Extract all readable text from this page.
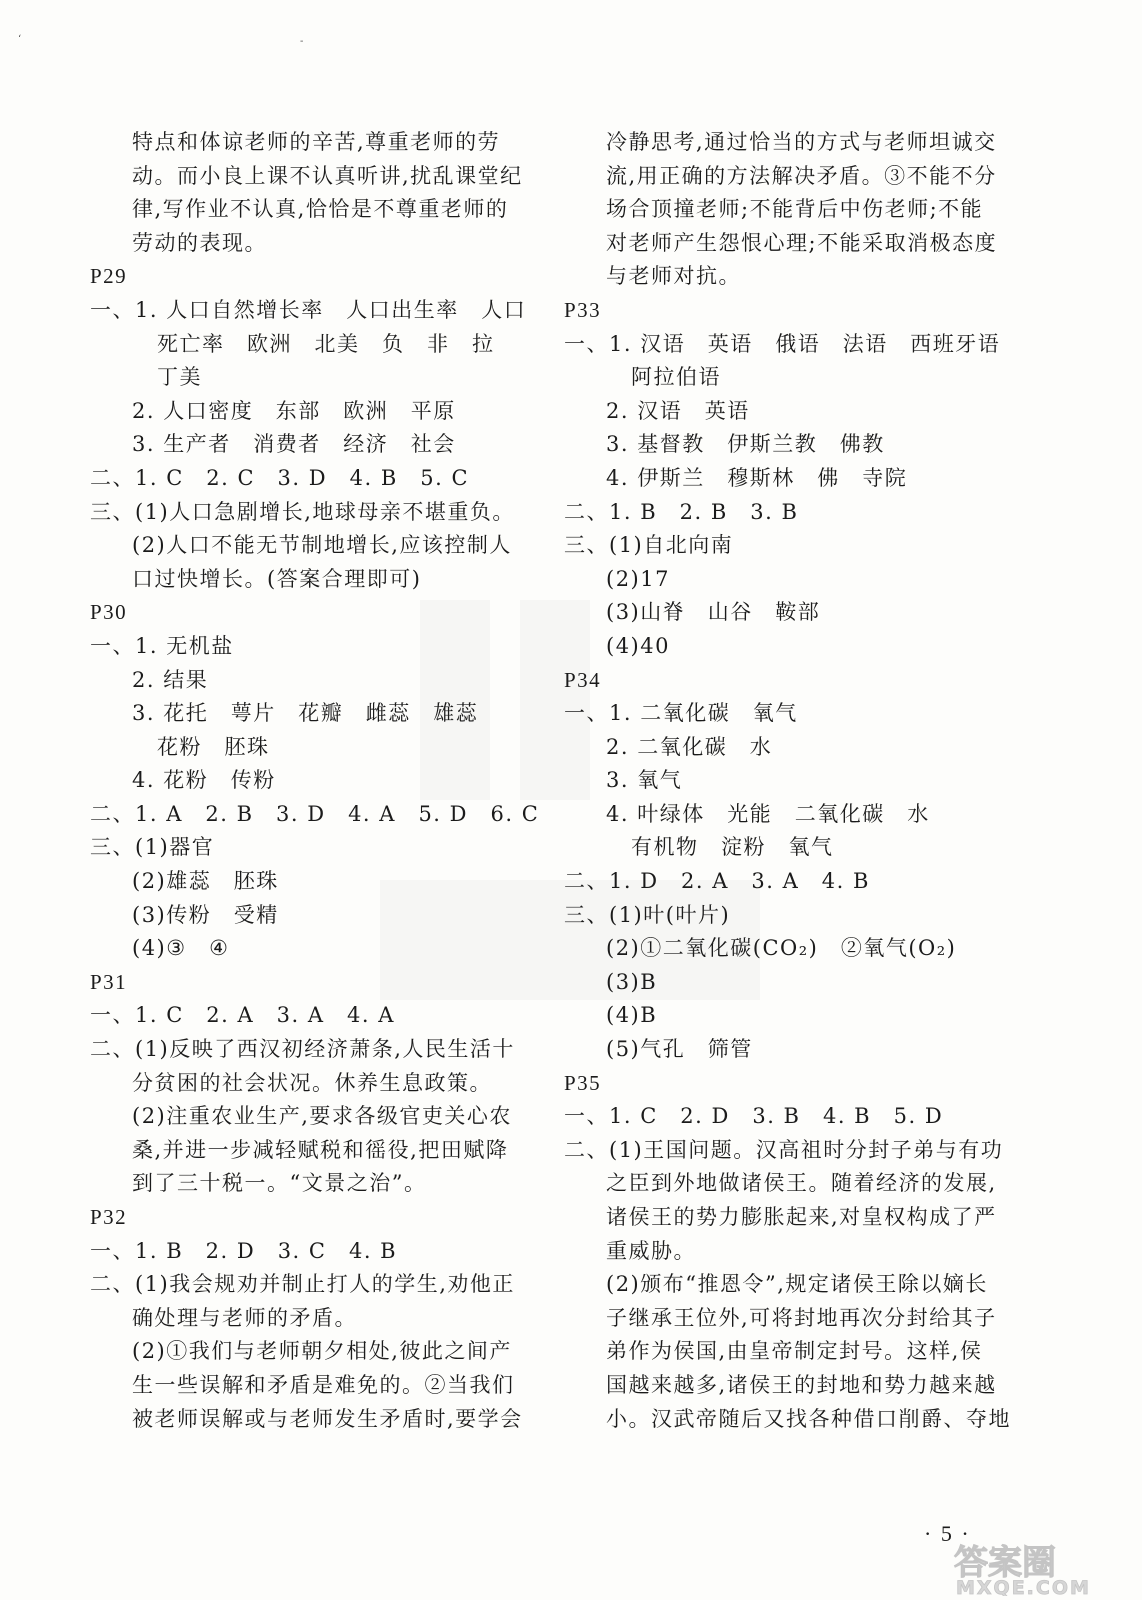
‘	-
特点和体谅老师的辛苦,尊重老师的劳
动。而小良上课不认真听讲,扰乱课堂纪
律,写作业不认真,恰恰是不尊重老师的
劳动的表现。
P29
一、1. 人口自然增长率　人口出生率　人口
死亡率　欧洲　北美　负　非　拉
丁美
2. 人口密度　东部　欧洲　平原
3. 生产者　消费者　经济　社会
二、1. C　2. C　3. D　4. B　5. C
三、(1)人口急剧增长,地球母亲不堪重负。
(2)人口不能无节制地增长,应该控制人
口过快增长。(答案合理即可)
P30
一、1. 无机盐
2. 结果
3. 花托　萼片　花瓣　雌蕊　雄蕊
花粉　胚珠
4. 花粉　传粉
二、1. A　2. B　3. D　4. A　5. D　6. C
三、(1)器官
(2)雄蕊　胚珠
(3)传粉　受精
(4)③　④
P31
一、1. C　2. A　3. A　4. A
二、(1)反映了西汉初经济萧条,人民生活十
分贫困的社会状况。休养生息政策。
(2)注重农业生产,要求各级官吏关心农
桑,并进一步减轻赋税和徭役,把田赋降
到了三十税一。“文景之治”。
P32
一、1. B　2. D　3. C　4. B
二、(1)我会规劝并制止打人的学生,劝他正
确处理与老师的矛盾。
(2)①我们与老师朝夕相处,彼此之间产
生一些误解和矛盾是难免的。②当我们
被老师误解或与老师发生矛盾时,要学会
冷静思考,通过恰当的方式与老师坦诚交
流,用正确的方法解决矛盾。③不能不分
场合顶撞老师;不能背后中伤老师;不能
对老师产生怨恨心理;不能采取消极态度
与老师对抗。
P33
一、1. 汉语　英语　俄语　法语　西班牙语
阿拉伯语
2. 汉语　英语
3. 基督教　伊斯兰教　佛教
4. 伊斯兰　穆斯林　佛　寺院
二、1. B　2. B　3. B
三、(1)自北向南
(2)17
(3)山脊　山谷　鞍部
(4)40
P34
一、1. 二氧化碳　氧气
2. 二氧化碳　水
3. 氧气
4. 叶绿体　光能　二氧化碳　水
有机物　淀粉　氧气
二、1. D　2. A　3. A　4. B
三、(1)叶(叶片)
(2)①二氧化碳(CO₂)　②氧气(O₂)
(3)B
(4)B
(5)气孔　筛管
P35
一、1. C　2. D　3. B　4. B　5. D
二、(1)王国问题。汉高祖时分封子弟与有功
之臣到外地做诸侯王。随着经济的发展,
诸侯王的势力膨胀起来,对皇权构成了严
重威胁。
(2)颁布“推恩令”,规定诸侯王除以嫡长
子继承王位外,可将封地再次分封给其子
弟作为侯国,由皇帝制定封号。这样,侯
国越来越多,诸侯王的封地和势力越来越
小。汉武帝随后又找各种借口削爵、夺地
· 5 ·
答案圈
MXQE.COM
